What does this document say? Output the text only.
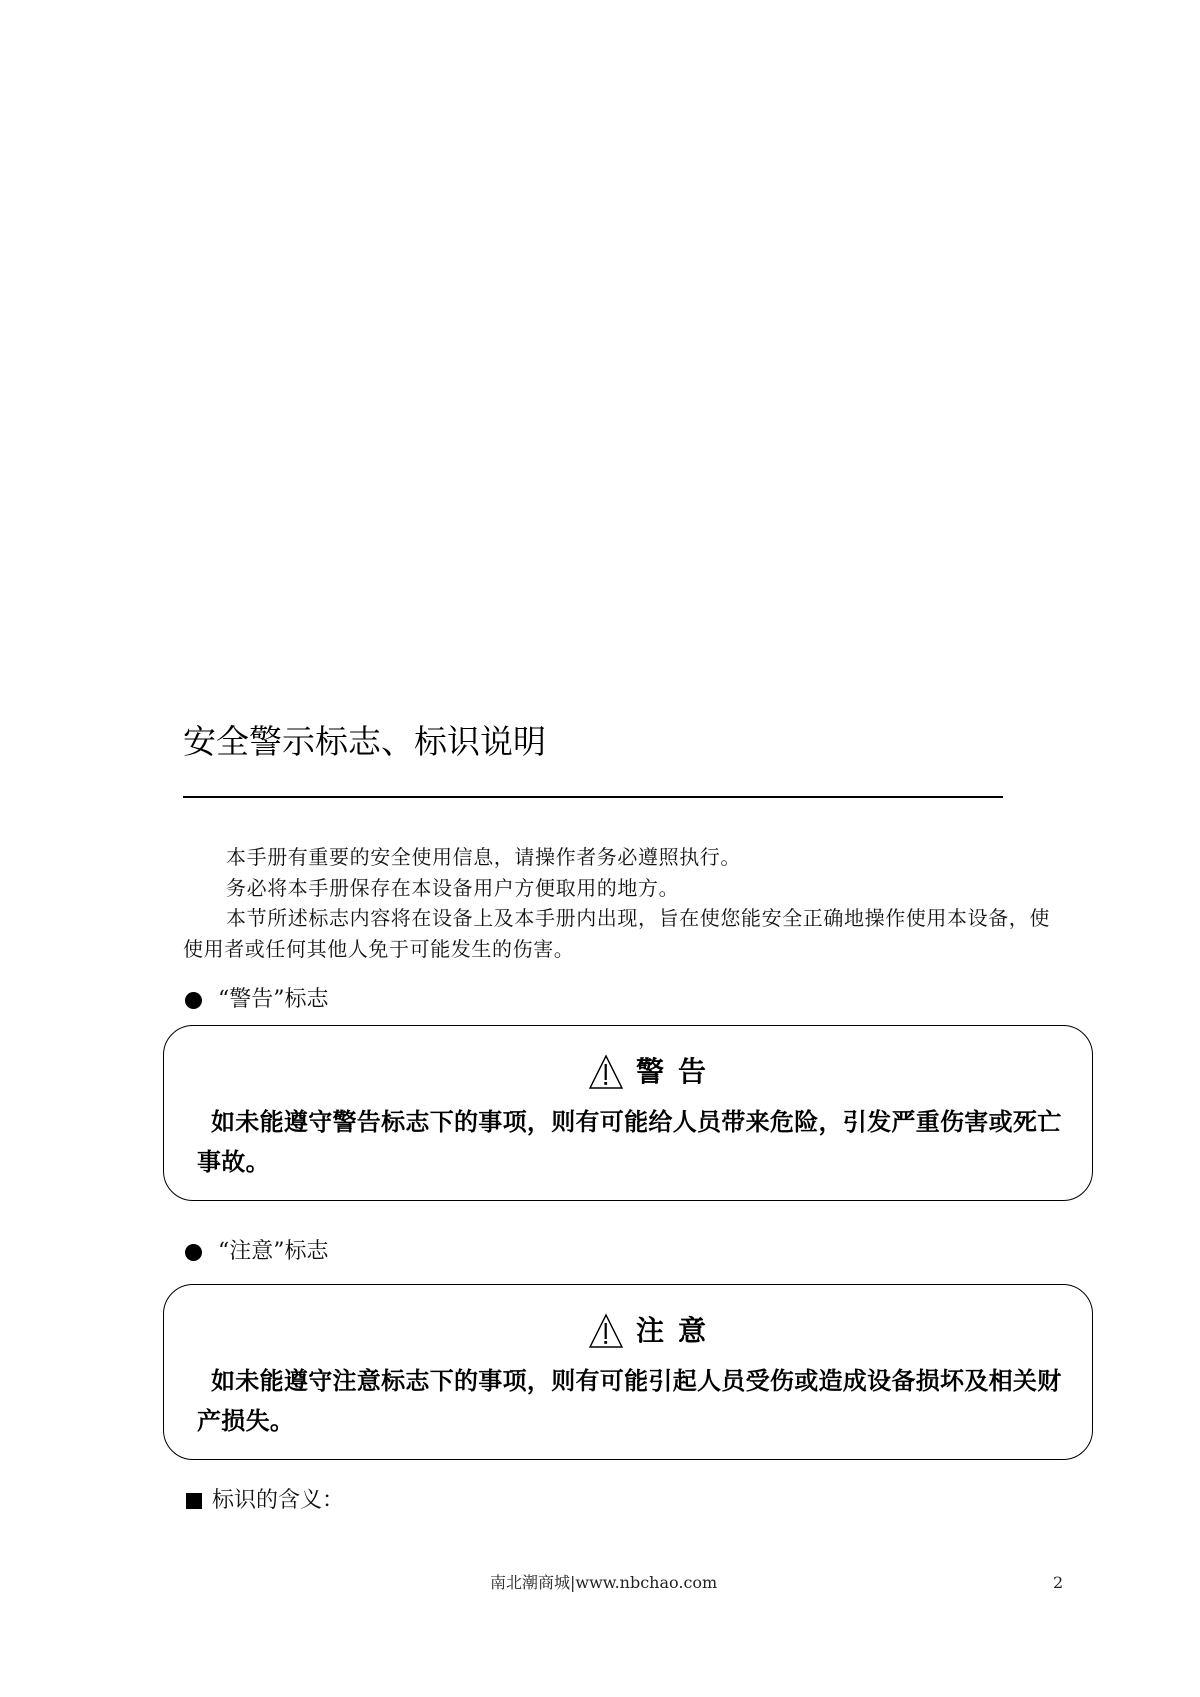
安全警示标志、标识说明

本手册有重要的安全使用信息，请操作者务必遵照执行。

务必将本手册保存在本设备用户方便取用的地方。

本节所述标志内容将在设备上及本手册内出现，旨在使您能安全正确地操作使用本设备，使使用者或任何其他人免于可能发生的伤害。

“警告”标志
警告
如未能遵守警告标志下的事项，则有可能给人员带来危险，引发严重伤害或死亡事故。
“注意”标志
注意
如未能遵守注意标志下的事项，则有可能引起人员受伤或造成设备损坏及相关财产损失。
标识的含义：
南北潮商城|www.nbchao.com	2
